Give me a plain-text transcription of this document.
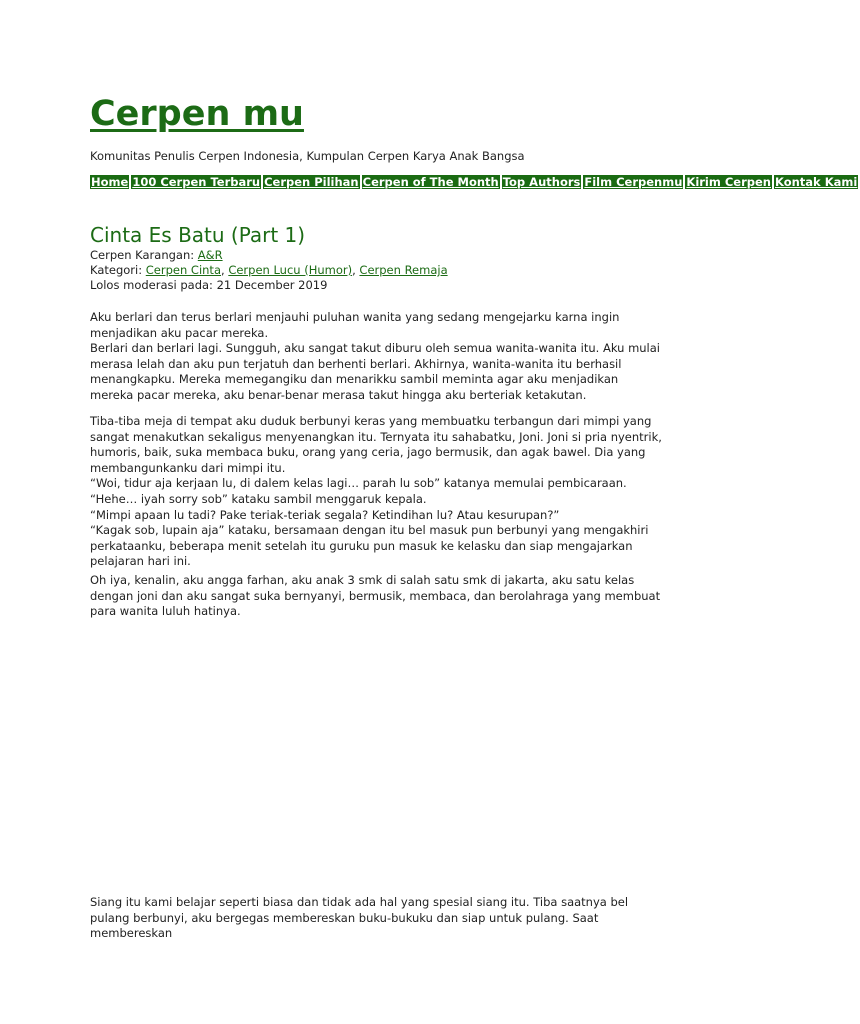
Cerpen mu
Komunitas Penulis Cerpen Indonesia, Kumpulan Cerpen Karya Anak Bangsa
Home 100 Cerpen Terbaru Cerpen Pilihan Cerpen of The Month Top Authors Film Cerpenmu Kirim Cerpen Kontak Kami
Cinta Es Batu (Part 1)
Cerpen Karangan: A&R
Kategori: Cerpen Cinta, Cerpen Lucu (Humor), Cerpen Remaja
Lolos moderasi pada: 21 December 2019

Aku berlari dan terus berlari menjauhi puluhan wanita yang sedang mengejarku karna ingin menjadikan aku pacar mereka.

Berlari dan berlari lagi. Sungguh, aku sangat takut diburu oleh semua wanita-wanita itu. Aku mulai merasa lelah dan aku pun terjatuh dan berhenti berlari. Akhirnya, wanita-wanita itu berhasil menangkapku. Mereka memegangiku dan menarikku sambil meminta agar aku menjadikan mereka pacar mereka, aku benar-benar merasa takut hingga aku berteriak ketakutan.

Tiba-tiba meja di tempat aku duduk berbunyi keras yang membuatku terbangun dari mimpi yang sangat menakutkan sekaligus menyenangkan itu. Ternyata itu sahabatku, Joni. Joni si pria nyentrik, humoris, baik, suka membaca buku, orang yang ceria, jago bermusik, dan agak bawel. Dia yang membangunkanku dari mimpi itu.

“Woi, tidur aja kerjaan lu, di dalem kelas lagi… parah lu sob” katanya memulai pembicaraan.

“Hehe… iyah sorry sob” kataku sambil menggaruk kepala.

“Mimpi apaan lu tadi? Pake teriak-teriak segala? Ketindihan lu? Atau kesurupan?”

“Kagak sob, lupain aja” kataku, bersamaan dengan itu bel masuk pun berbunyi yang mengakhiri perkataanku, beberapa menit setelah itu guruku pun masuk ke kelasku dan siap mengajarkan pelajaran hari ini.

Oh iya, kenalin, aku angga farhan, aku anak 3 smk di salah satu smk di jakarta, aku satu kelas dengan joni dan aku sangat suka bernyanyi, bermusik, membaca, dan berolahraga yang membuat para wanita luluh hatinya.

Siang itu kami belajar seperti biasa dan tidak ada hal yang spesial siang itu. Tiba saatnya bel pulang berbunyi, aku bergegas membereskan buku-bukuku dan siap untuk pulang. Saat membereskan
